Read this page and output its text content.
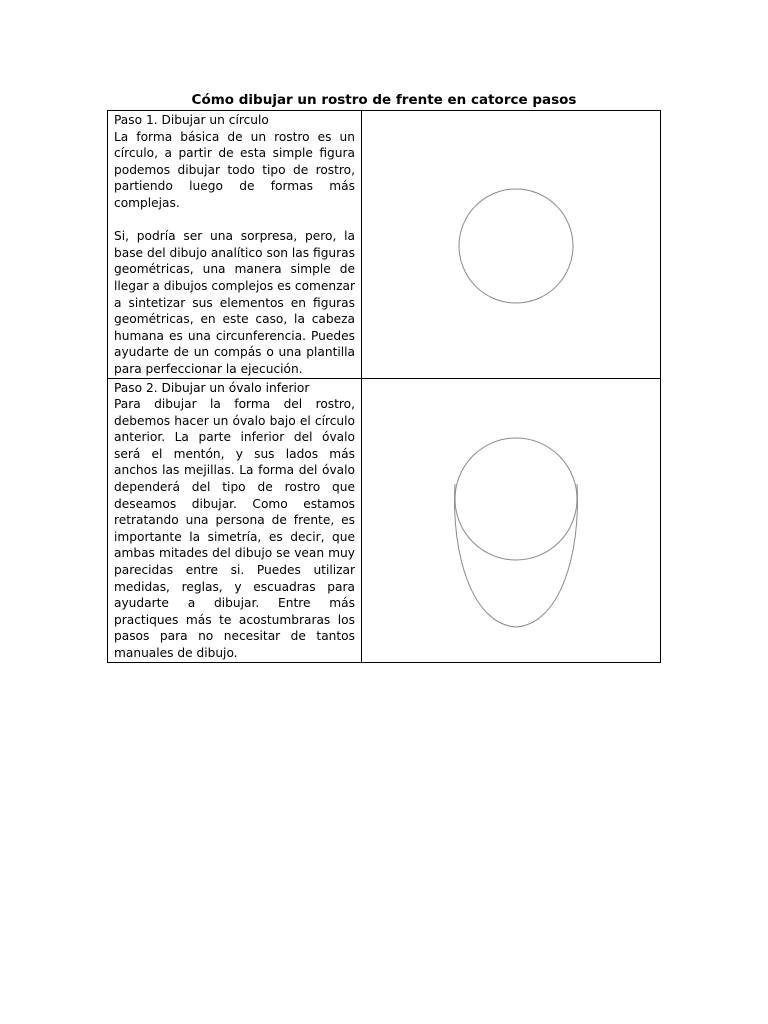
Cómo dibujar un rostro de frente en catorce pasos
Paso 1. Dibujar un círculo

La forma básica de un rostro es un círculo, a partir de esta simple figura podemos dibujar todo tipo de rostro, partiendo luego de formas más complejas.

Si, podría ser una sorpresa, pero, la base del dibujo analítico son las figuras geométricas, una manera simple de llegar a dibujos complejos es comenzar a sintetizar sus elementos en figuras geométricas, en este caso, la cabeza humana es una circunferencia. Puedes ayudarte de un compás o una plantilla para perfeccionar la ejecución.

Paso 2. Dibujar un óvalo inferior

Para dibujar la forma del rostro, debemos hacer un óvalo bajo el círculo anterior. La parte inferior del óvalo será el mentón, y sus lados más anchos las mejillas. La forma del óvalo dependerá del tipo de rostro que deseamos dibujar. Como estamos retratando una persona de frente, es importante la simetría, es decir, que ambas mitades del dibujo se vean muy parecidas entre si. Puedes utilizar medidas, reglas, y escuadras para ayudarte a dibujar. Entre más practiques más te acostumbraras los pasos para no necesitar de tantos manuales de dibujo.
